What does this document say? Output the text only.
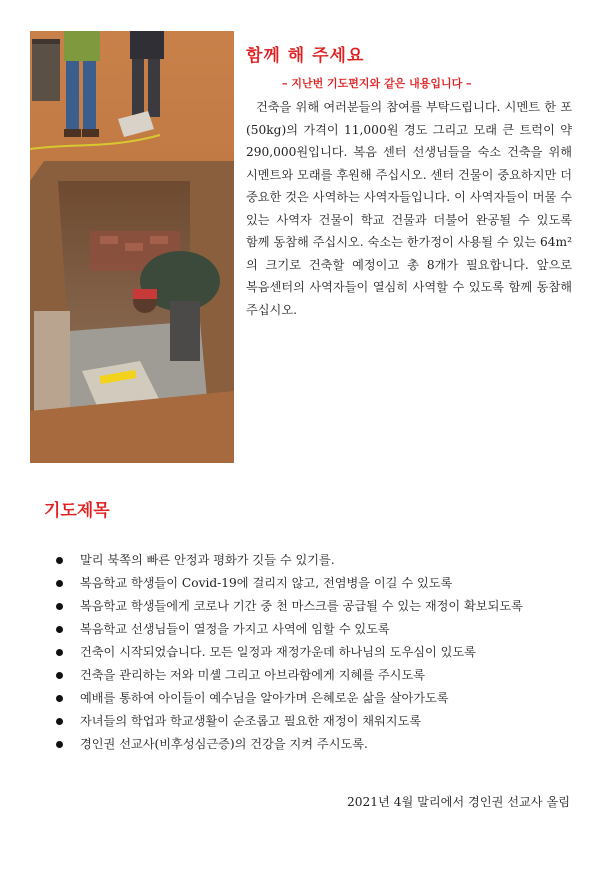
함께 해 주세요

– 지난번 기도편지와 같은 내용입니다 –

건축을 위해 여러분들의 참여를 부탁드립니다. 시멘트 한 포(50kg)의 가격이 11,000원 경도 그리고 모래 큰 트럭이 약 290,000원입니다. 복음 센터 선생님들을 숙소 건축을 위해 시멘트와 모래를 후원해 주십시오. 센터 건물이 중요하지만 더 중요한 것은 사역하는 사역자들입니다. 이 사역자들이 머물 수 있는 사역자 건물이 학교 건물과 더불어 완공될 수 있도록 함께 동참해 주십시오. 숙소는 한가정이 사용될 수 있는 64m² 의 크기로 건축할 예정이고 총 8개가 필요합니다. 앞으로 복음센터의 사역자들이 열심히 사역할 수 있도록 함께 동참해 주십시오.

기도제목
말리 북쪽의 빠른 안정과 평화가 깃들 수 있기를.
복음학교 학생들이 Covid-19에 걸리지 않고, 전염병을 이길 수 있도록
복음학교 학생들에게 코로나 기간 중 천 마스크를 공급될 수 있는 재정이 확보되도록
복음학교 선생님들이 열정을 가지고 사역에 임할 수 있도록
건축이 시작되었습니다. 모든 일정과 재정가운데 하나님의 도우심이 있도록
건축을 관리하는 저와 미셸 그리고 아브라함에게 지혜를 주시도록
예배를 통하여 아이들이 예수님을 알아가며 은혜로운 삶을 살아가도록
자녀들의 학업과 학교생활이 순조롭고 필요한 재정이 채워지도록
경인권 선교사(비후성심근증)의 건강을 지켜 주시도록.

2021년 4월 말리에서 경인권 선교사 올림
